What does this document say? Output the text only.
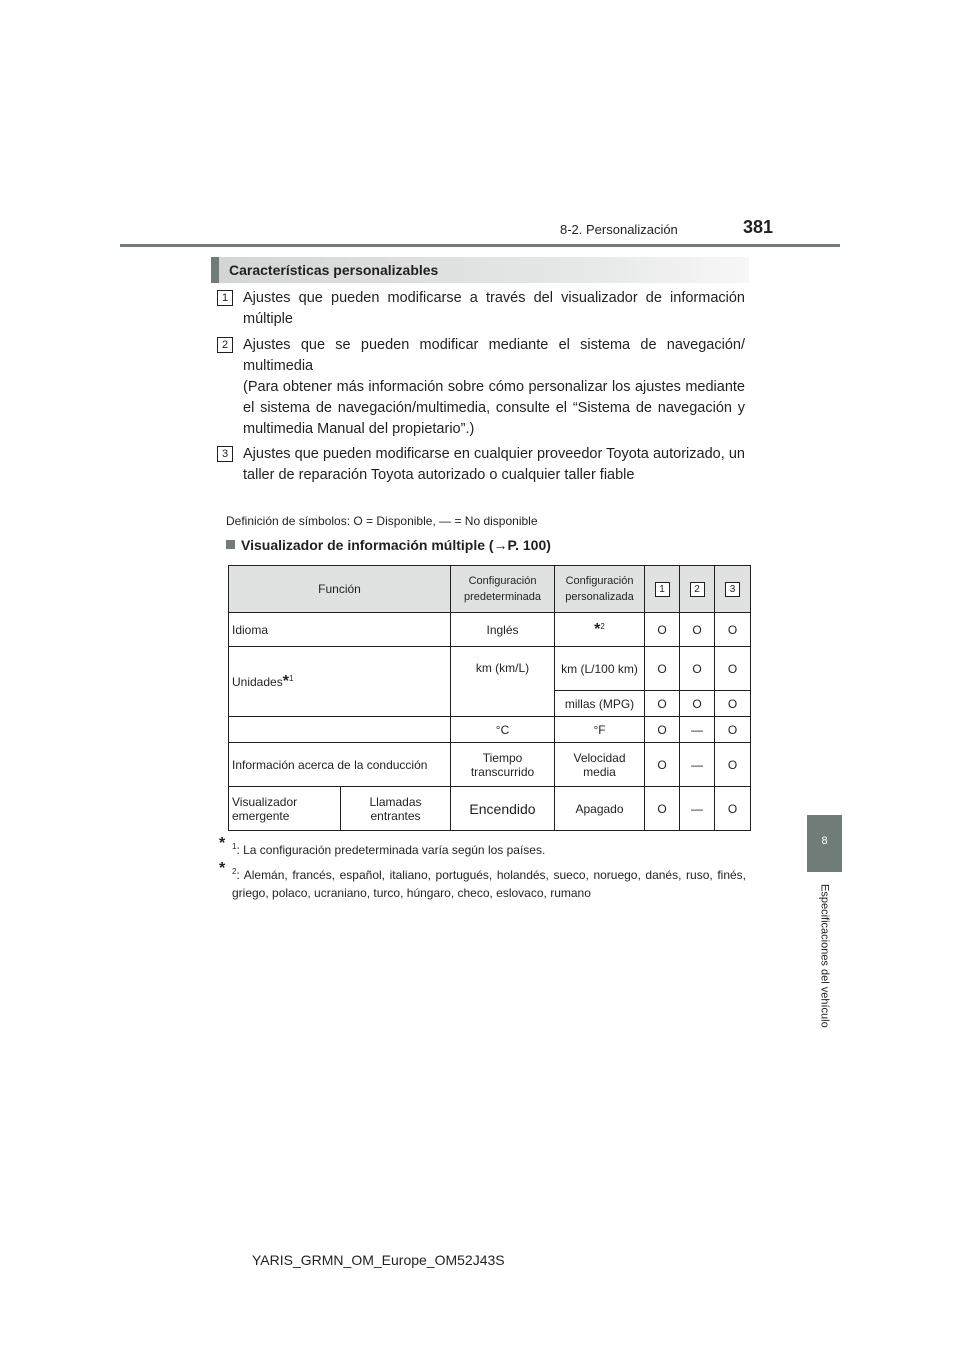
8-2. Personalización	381
8
Especificaciones del vehículo
Características personalizables
1	Ajustes que pueden modificarse a través del visualizador de información múltiple

2	Ajustes que se pueden modificar mediante el sistema de navegación/ multimedia

(Para obtener más información sobre cómo personalizar los ajustes mediante el sistema de navegación/multimedia, consulte el “Sistema de navegación y multimedia Manual del propietario”.)

3	Ajustes que pueden modificarse en cualquier proveedor Toyota autorizado, un taller de reparación Toyota autorizado o cualquier taller fiable

Definición de símbolos: O = Disponible, — = No disponible
Visualizador de información múltiple (→P. 100)
Función		Configuración predeterminada	Configuración personalizada	1	2	3
Idioma		Inglés	*$^2$	O	O	O
Unidades*$^1$		km (km/L)	km (L/100 km)	O	O	O
			millas (MPG)	O	O	O
		°C	°F	O	—	O
Información acerca de la conducción		Tiempo transcurrido	Velocidad media	O	—	O
Visualizador emergente	Llamadas entrantes	Encendido	Apagado	O	—	O
* $^1$: La configuración predeterminada varía según los países.
* $^2$: Alemán, francés, español, italiano, portugués, holandés, sueco, noruego, danés, ruso, finés, griego, polaco, ucraniano, turco, húngaro, checo, eslovaco, rumano
YARIS_GRMN_OM_Europe_OM52J43S
